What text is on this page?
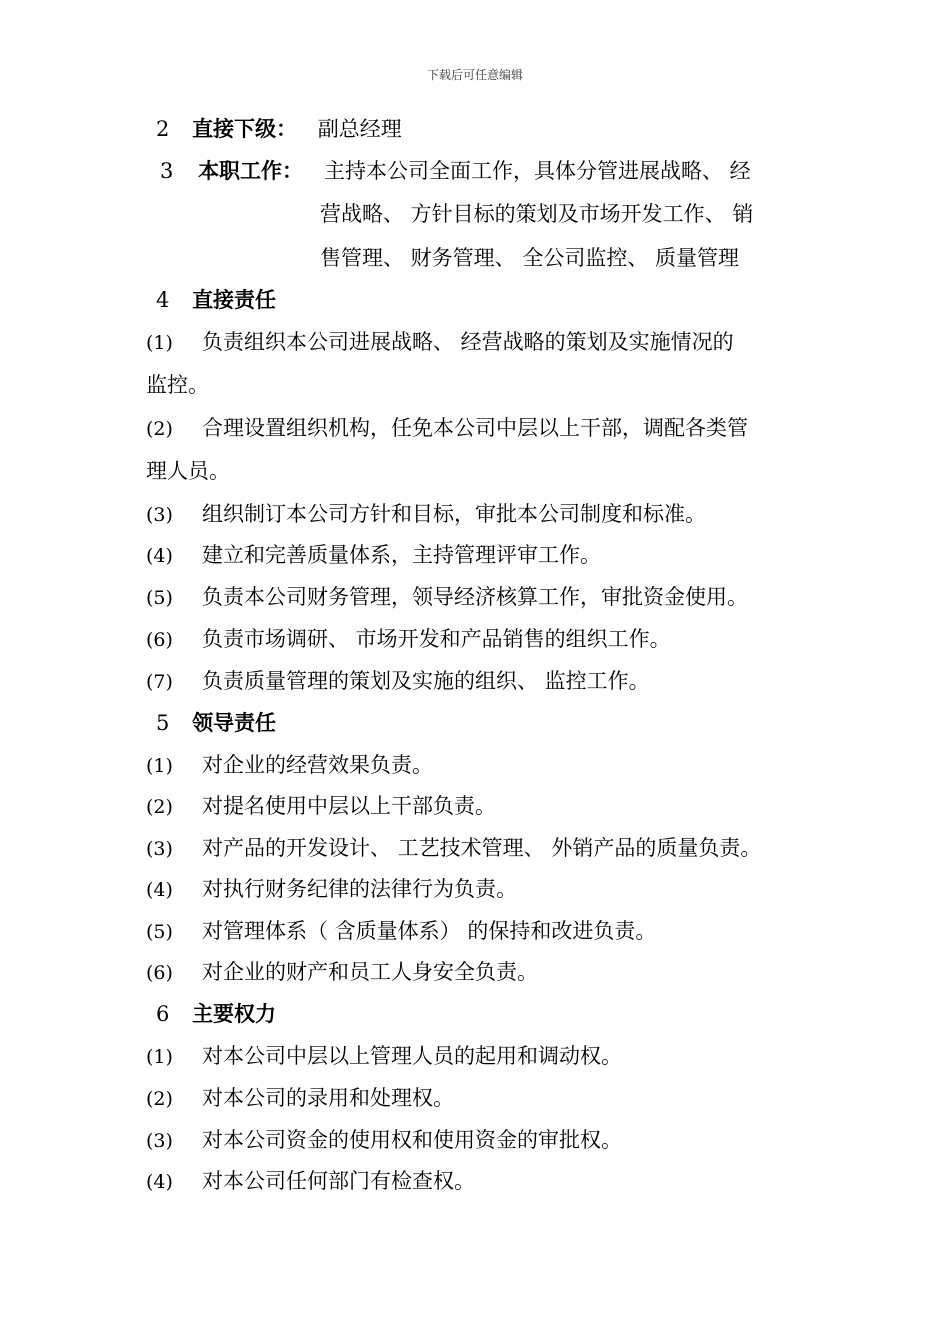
下载后可任意编辑
2 直接下级： 副总经理
3 本职工作： 主持本公司全面工作，具体分管进展战略、 经
营战略、 方针目标的策划及市场开发工作、 销
售管理、 财务管理、 全公司监控、 质量管理
4 直接责任
(1) 负责组织本公司进展战略、 经营战略的策划及实施情况的
监控。
(2) 合理设置组织机构，任免本公司中层以上干部，调配各类管
理人员。
(3) 组织制订本公司方针和目标，审批本公司制度和标准。
(4) 建立和完善质量体系，主持管理评审工作。
(5) 负责本公司财务管理，领导经济核算工作，审批资金使用。
(6) 负责市场调研、 市场开发和产品销售的组织工作。
(7) 负责质量管理的策划及实施的组织、 监控工作。
5 领导责任
(1) 对企业的经营效果负责。
(2) 对提名使用中层以上干部负责。
(3) 对产品的开发设计、 工艺技术管理、 外销产品的质量负责。
(4) 对执行财务纪律的法律行为负责。
(5) 对管理体系（ 含质量体系） 的保持和改进负责。
(6) 对企业的财产和员工人身安全负责。
6 主要权力
(1) 对本公司中层以上管理人员的起用和调动权。
(2) 对本公司的录用和处理权。
(3) 对本公司资金的使用权和使用资金的审批权。
(4) 对本公司任何部门有检查权。
